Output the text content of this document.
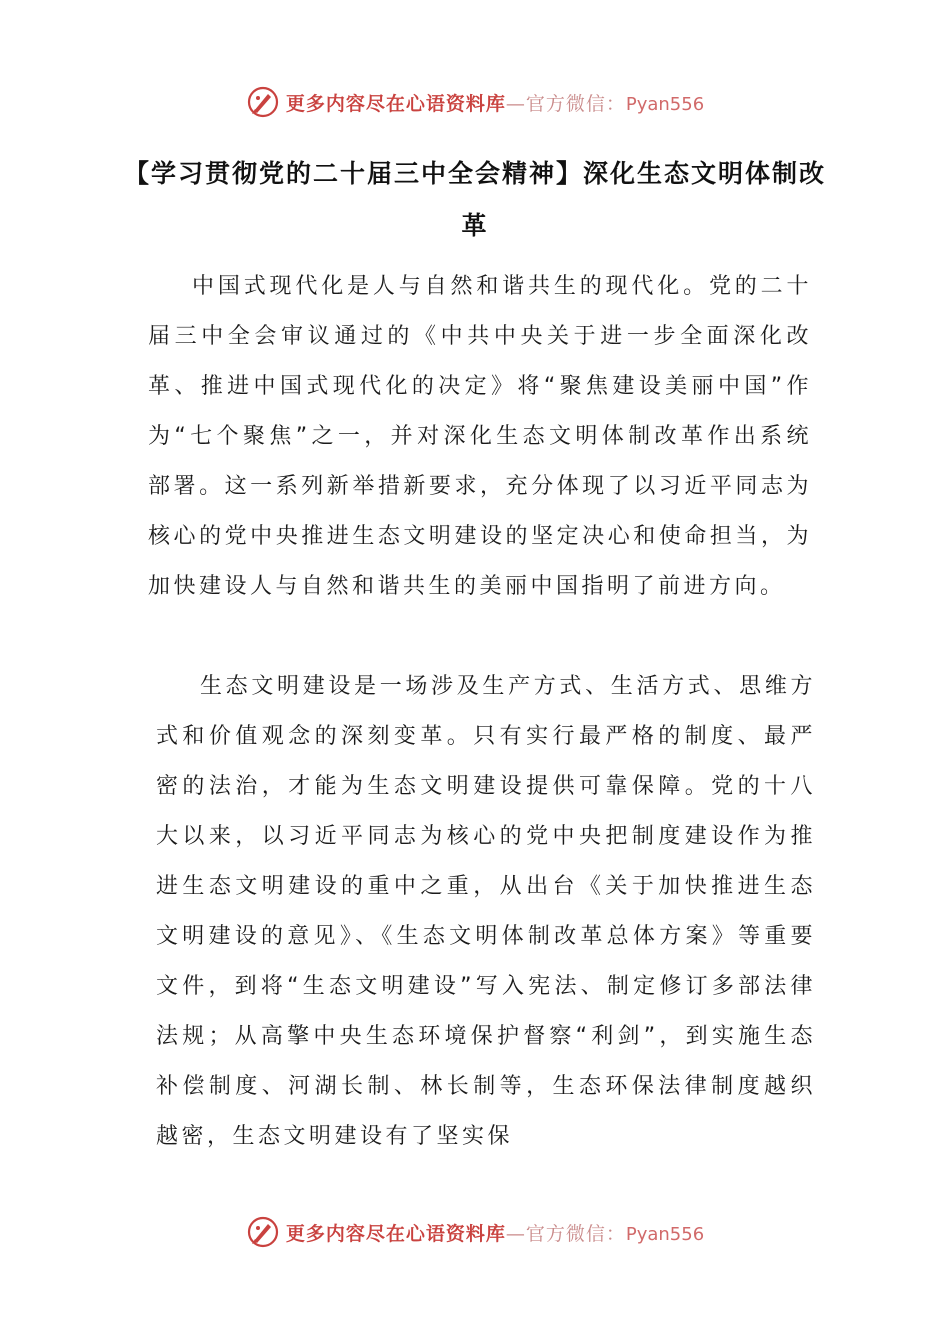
更多内容尽在心语资料库—官方微信：Pyan556
【学习贯彻党的二十届三中全会精神】深化生态文明体制改革

中国式现代化是人与自然和谐共生的现代化。党的二十届三中全会审议通过的《中共中央关于进一步全面深化改革、推进中国式现代化的决定》将“聚焦建设美丽中国”作为“七个聚焦”之一，并对深化生态文明体制改革作出系统部署。这一系列新举措新要求，充分体现了以习近平同志为核心的党中央推进生态文明建设的坚定决心和使命担当，为加快建设人与自然和谐共生的美丽中国指明了前进方向。

生态文明建设是一场涉及生产方式、生活方式、思维方式和价值观念的深刻变革。只有实行最严格的制度、最严密的法治，才能为生态文明建设提供可靠保障。党的十八大以来，以习近平同志为核心的党中央把制度建设作为推进生态文明建设的重中之重，从出台《关于加快推进生态文明建设的意见》、《生态文明体制改革总体方案》等重要文件，到将“生态文明建设”写入宪法、制定修订多部法律法规；从高擎中央生态环境保护督察“利剑”，到实施生态补偿制度、河湖长制、林长制等，生态环保法律制度越织越密，生态文明建设有了坚实保

更多内容尽在心语资料库—官方微信：Pyan556
